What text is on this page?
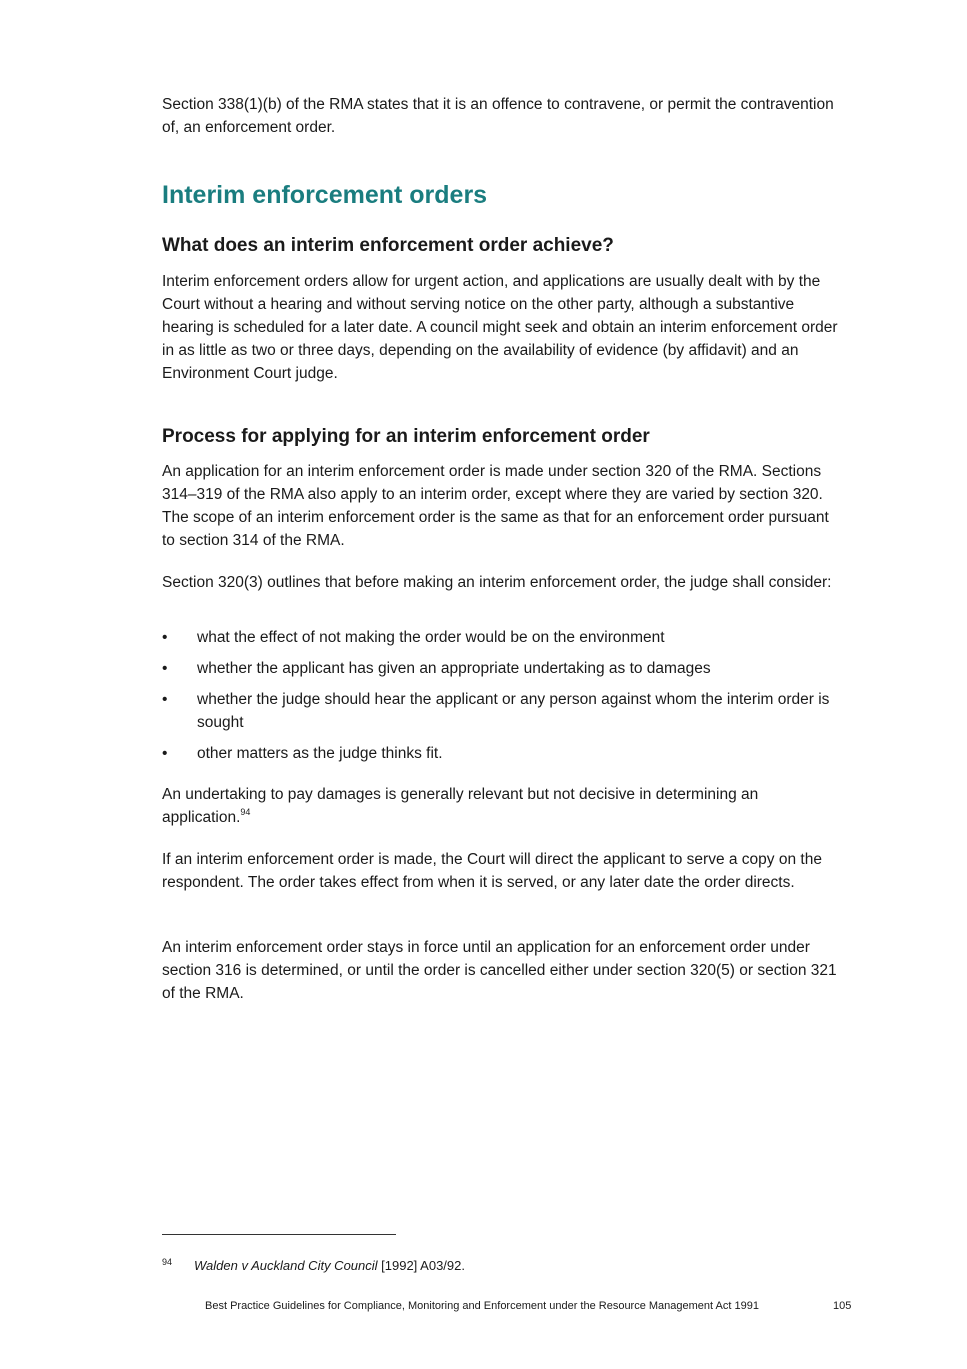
Section 338(1)(b) of the RMA states that it is an offence to contravene, or permit the contravention of, an enforcement order.

Interim enforcement orders
What does an interim enforcement order achieve?

Interim enforcement orders allow for urgent action, and applications are usually dealt with by the Court without a hearing and without serving notice on the other party, although a substantive hearing is scheduled for a later date. A council might seek and obtain an interim enforcement order in as little as two or three days, depending on the availability of evidence (by affidavit) and an Environment Court judge.

Process for applying for an interim enforcement order

An application for an interim enforcement order is made under section 320 of the RMA. Sections 314–319 of the RMA also apply to an interim order, except where they are varied by section 320. The scope of an interim enforcement order is the same as that for an enforcement order pursuant to section 314 of the RMA.

Section 320(3) outlines that before making an interim enforcement order, the judge shall consider:

• what the effect of not making the order would be on the environment
• whether the applicant has given an appropriate undertaking as to damages
• whether the judge should hear the applicant or any person against whom the interim order is sought
• other matters as the judge thinks fit.

An undertaking to pay damages is generally relevant but not decisive in determining an application.$^{94}$

If an interim enforcement order is made, the Court will direct the applicant to serve a copy on the respondent. The order takes effect from when it is served, or any later date the order directs.

An interim enforcement order stays in force until an application for an enforcement order under section 316 is determined, or until the order is cancelled either under section 320(5) or section 321 of the RMA.

94 Walden v Auckland City Council [1992] A03/92.
Best Practice Guidelines for Compliance, Monitoring and Enforcement under the Resource Management Act 1991	105
